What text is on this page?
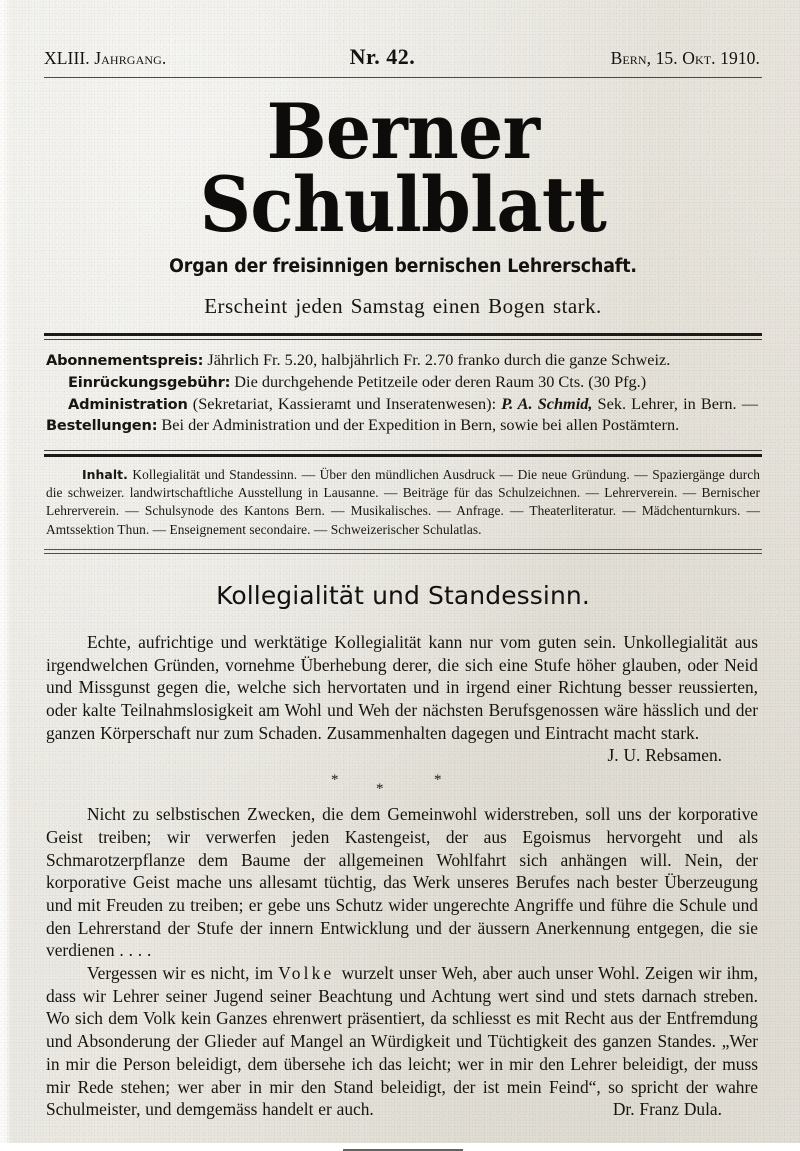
XLIII. Jahrgang.	Nr. 42.	Bern, 15. Okt. 1910.
Berner Schulblatt
Organ der freisinnigen bernischen Lehrerschaft.
Erscheint jeden Samstag einen Bogen stark.
Abonnementspreis: Jährlich Fr. 5.20, halbjährlich Fr. 2.70 franko durch die ganze Schweiz.
Einrückungsgebühr: Die durchgehende Petitzeile oder deren Raum 30 Cts. (30 Pfg.)
Administration (Sekretariat, Kassieramt und Inseratenwesen): P. A. Schmid, Sek. Lehrer, in Bern. — Bestellungen: Bei der Administration und der Expedition in Bern, sowie bei allen Postämtern.
Inhalt. Kollegialität und Standessinn. — Über den mündlichen Ausdruck — Die neue Gründung. — Spaziergänge durch die schweizer. landwirtschaftliche Ausstellung in Lausanne. — Beiträge für das Schulzeichnen. — Lehrerverein. — Bernischer Lehrerverein. — Schulsynode des Kantons Bern. — Musikalisches. — Anfrage. — Theaterliteratur. — Mädchenturnkurs. — Amtssektion Thun. — Enseignement secondaire. — Schweizerischer Schulatlas.
Kollegialität und Standessinn.

Echte, aufrichtige und werktätige Kollegialität kann nur vom guten sein. Unkollegialität aus irgendwelchen Gründen, vornehme Überhebung derer, die sich eine Stufe höher glauben, oder Neid und Missgunst gegen die, welche sich hervortaten und in irgend einer Richtung besser reussierten, oder kalte Teilnahmslosigkeit am Wohl und Weh der nächsten Berufsgenossen wäre hässlich und der ganzen Körperschaft nur zum Schaden. Zusammenhalten dagegen und Eintracht macht stark.
J. U. Rebsamen.

*
*
*

Nicht zu selbstischen Zwecken, die dem Gemeinwohl widerstreben, soll uns der korporative Geist treiben; wir verwerfen jeden Kastengeist, der aus Egoismus hervorgeht und als Schmarotzerpflanze dem Baume der allgemeinen Wohlfahrt sich anhängen will. Nein, der korporative Geist mache uns allesamt tüchtig, das Werk unseres Berufes nach bester Überzeugung und mit Freuden zu treiben; er gebe uns Schutz wider ungerechte Angriffe und führe die Schule und den Lehrerstand der Stufe der innern Entwicklung und der äussern Anerkennung entgegen, die sie verdienen . . . .

Vergessen wir es nicht, im Volke wurzelt unser Weh, aber auch unser Wohl. Zeigen wir ihm, dass wir Lehrer seiner Jugend seiner Beachtung und Achtung wert sind und stets darnach streben. Wo sich dem Volk kein Ganzes ehrenwert präsentiert, da schliesst es mit Recht aus der Entfremdung und Absonderung der Glieder auf Mangel an Würdigkeit und Tüchtigkeit des ganzen Standes. „Wer in mir die Person beleidigt, dem übersehe ich das leicht; wer in mir den Lehrer beleidigt, der muss mir Rede stehen; wer aber in mir den Stand beleidigt, der ist mein Feind“, so spricht der wahre Schulmeister, und demgemäss handelt er auch.	Dr. Franz Dula.
